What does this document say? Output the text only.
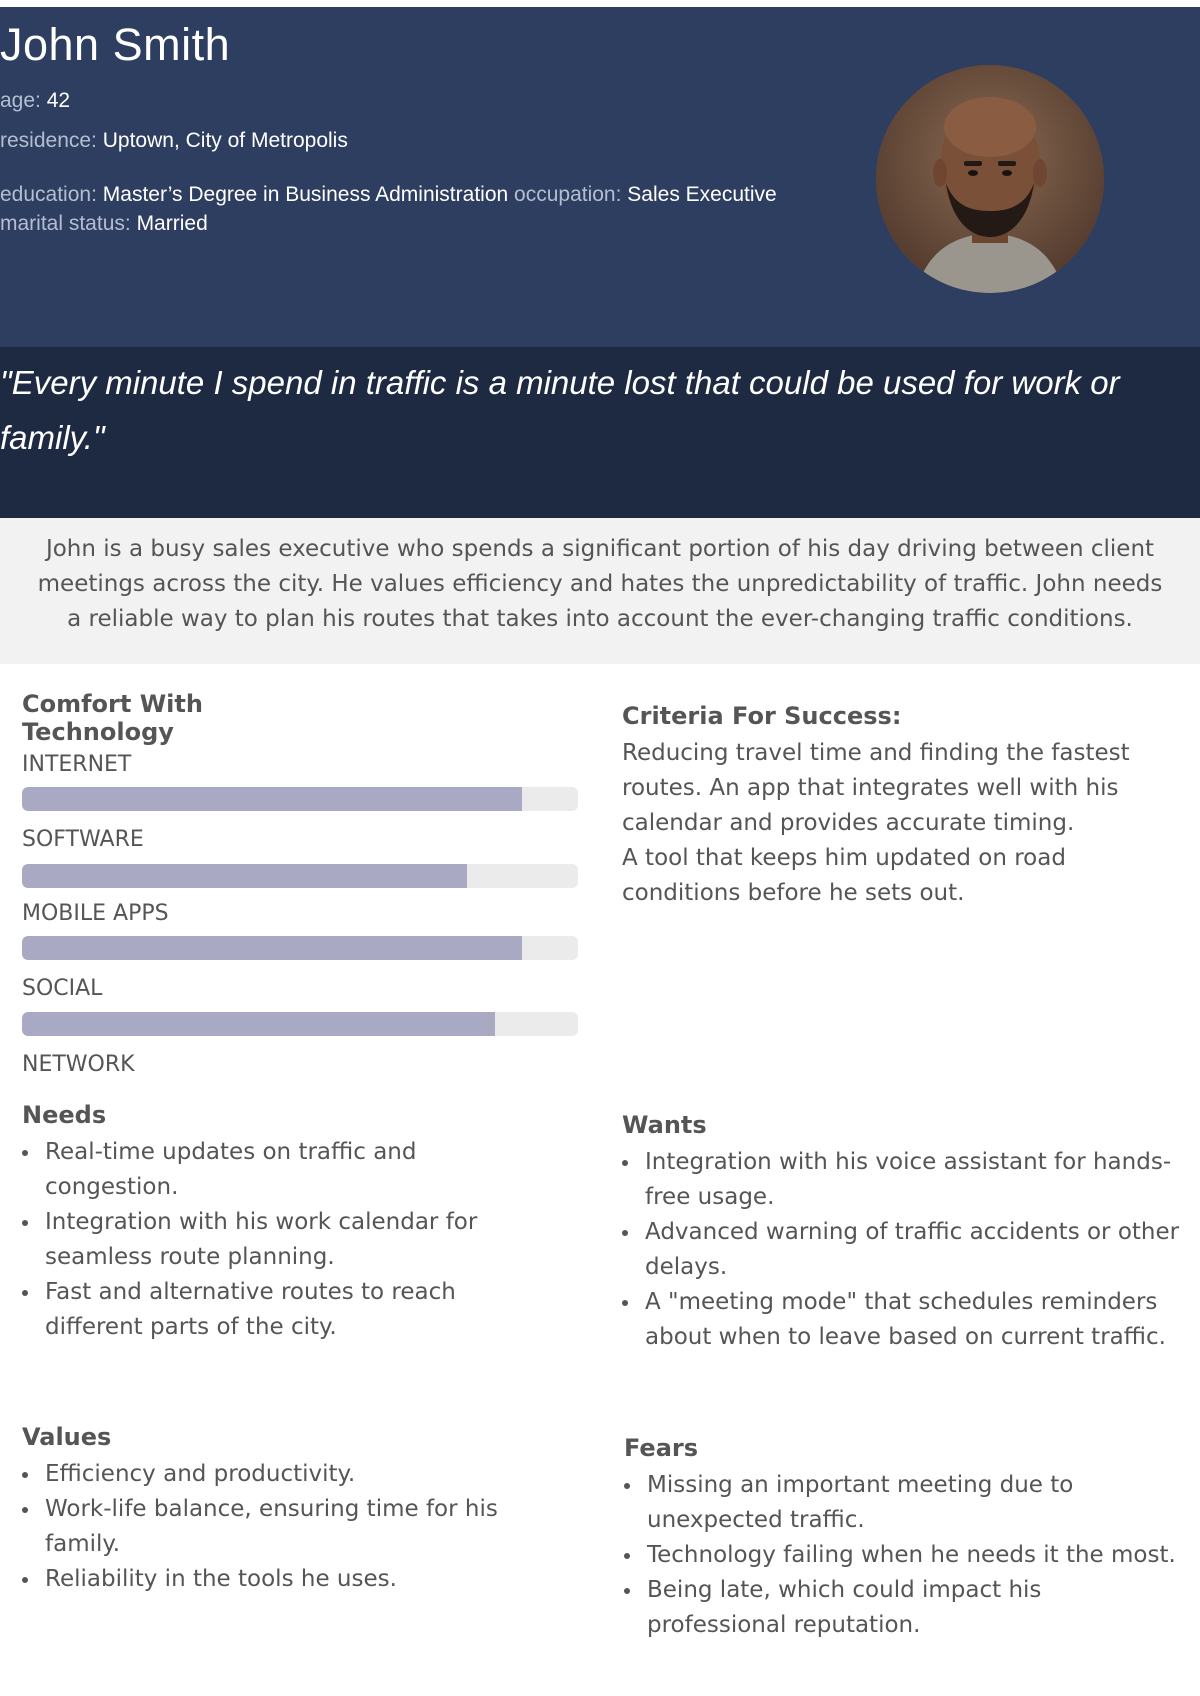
John Smith
age: 42
residence: Uptown, City of Metropolis
education: Master’s Degree in Business Administration occupation: Sales Executive
marital status: Married

"Every minute I spend in traffic is a minute lost that could be used for work or family."

John is a busy sales executive who spends a significant portion of his day driving between client meetings across the city. He values efficiency and hates the unpredictability of traffic. John needs a reliable way to plan his routes that takes into account the ever-changing traffic conditions.

Comfort With Technology
INTERNET
SOFTWARE
MOBILE APPS
SOCIAL
NETWORK
Criteria For Success:

Reducing travel time and finding the fastest routes. An app that integrates well with his calendar and provides accurate timing.

A tool that keeps him updated on road conditions before he sets out.

Needs
Real-time updates on traffic and congestion.
Integration with his work calendar for seamless route planning.
Fast and alternative routes to reach different parts of the city.
Wants
Integration with his voice assistant for hands-free usage.
Advanced warning of traffic accidents or other delays.
A "meeting mode" that schedules reminders about when to leave based on current traffic.
Values
Efficiency and productivity.
Work-life balance, ensuring time for his family.
Reliability in the tools he uses.
Fears
Missing an important meeting due to unexpected traffic.
Technology failing when he needs it the most.
Being late, which could impact his professional reputation.
